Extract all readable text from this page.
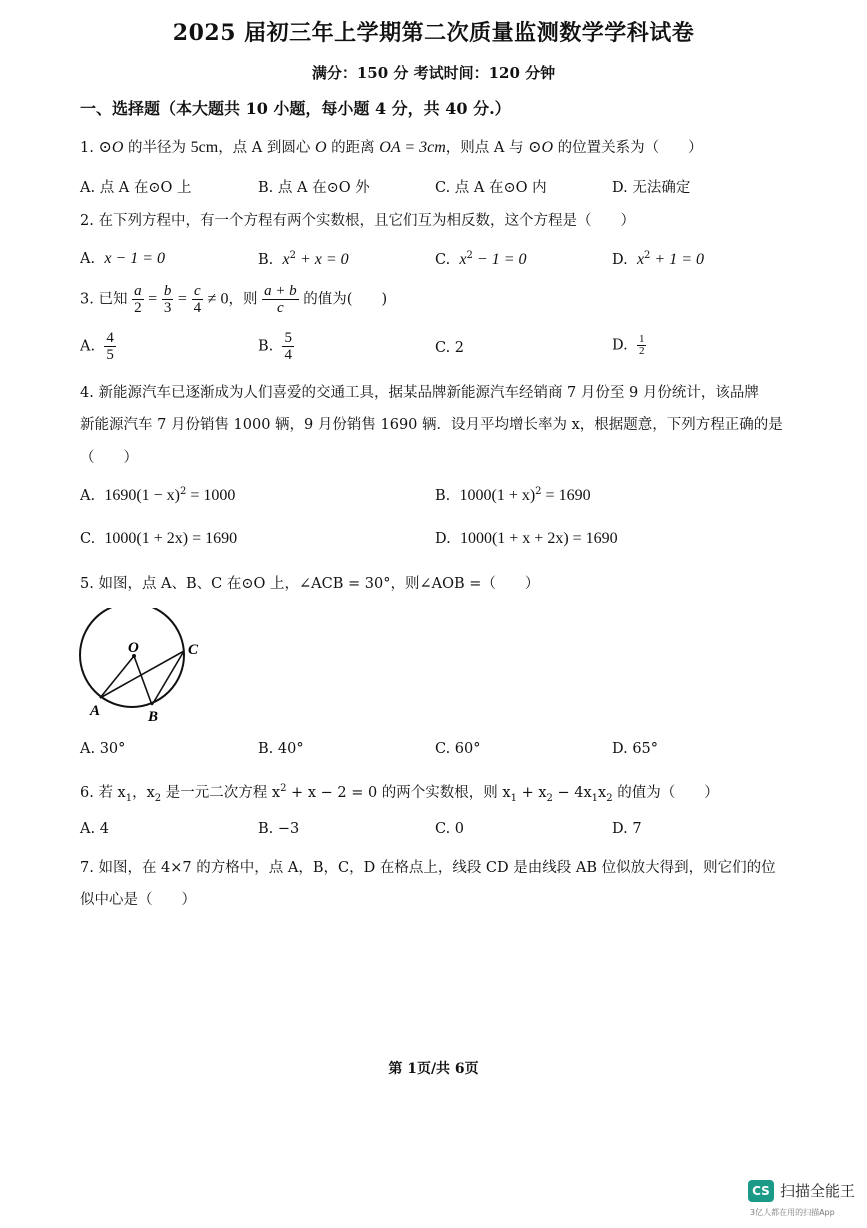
2025 届初三年上学期第二次质量监测数学学科试卷
满分：150 分 考试时间：120 分钟
一、选择题（本大题共 10 小题，每小题 4 分，共 40 分.）
1. ⊙O 的半径为 5cm，点 A 到圆心 O 的距离 OA = 3cm，则点 A 与 ⊙O 的位置关系为（　　）
A. 点 A 在⊙O 上	B. 点 A 在⊙O 外	C. 点 A 在⊙O 内	D. 无法确定
2. 在下列方程中，有一个方程有两个实数根，且它们互为相反数，这个方程是（　　）
A. x − 1 = 0	B. $x^2 + x = 0$	C. $x^2 - 1 = 0$	D. $x^2 + 1 = 0$
3. 已知 $\frac{a}{2} = \frac{b}{3} = \frac{c}{4} \ne 0$，则 $\frac{a + b}{c}$ 的值为(　　)
A. $\frac{4}{5}$	B. $\frac{5}{4}$	C. 2	D. $\frac{1}{2}$
4. 新能源汽车已逐渐成为人们喜爱的交通工具，据某品牌新能源汽车经销商 7 月份至 9 月份统计，该品牌
新能源汽车 7 月份销售 1000 辆，9 月份销售 1690 辆．设月平均增长率为 x，根据题意，下列方程正确的是
（　　）
A. $1690(1 - x)^2 = 1000$	B. $1000(1 + x)^2 = 1690$
C. 1000(1 + 2x) = 1690	D. 1000(1 + x + 2x) = 1690
5. 如图，点 A、B、C 在⊙O 上，∠ACB = 30°，则∠AOB =（　　）
O	C
A	B
A. 30°	B. 40°	C. 60°	D. 65°
6. 若 $x_1$，$x_2$ 是一元二次方程 $x^2 + x - 2 = 0$ 的两个实数根，则 $x_1 + x_2 - 4x_1x_2$ 的值为（　　）
A. 4	B. −3	C. 0	D. 7
7. 如图，在 4×7 的方格中，点 A，B，C，D 在格点上，线段 CD 是由线段 AB 位似放大得到，则它们的位
似中心是（　　）
第 1页/共 6页
CS 扫描全能王
3亿人都在用的扫描App
